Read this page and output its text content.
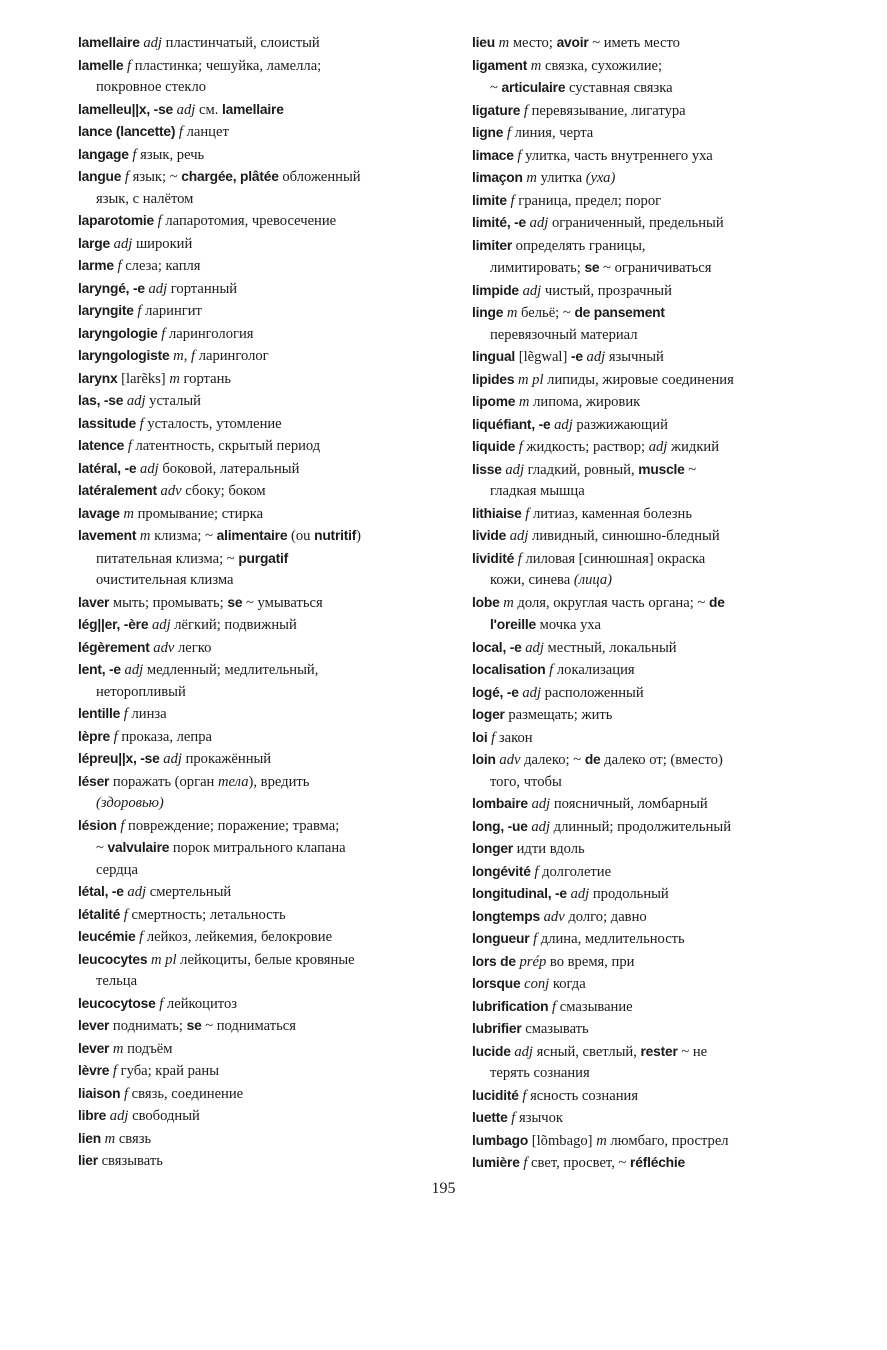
lamellaire adj пластинчатый, слоистый
lamelle f пластинка; чешуйка, ламелла;
покровное стекло
lamelleu||x, -se adj см. lamellaire
lance (lancette) f ланцет
langage f язык, речь
langue f язык; ~ chargée, plâtée обложенный
язык, с налётом
laparotomie f лапаротомия, чревосечение
large adj широкий
larme f слеза; капля
laryngé, -e adj гортанный
laryngite f ларингит
laryngologie f ларингология
laryngologiste m, f ларинголог
larynx [larẽks] m гортань
las, -se adj усталый
lassitude f усталость, утомление
latence f латентность, скрытый период
latéral, -e adj боковой, латеральный
latéralement adv сбоку; боком
lavage m промывание; стирка
lavement m клизма; ~ alimentaire (ou nutritif)
питательная клизма; ~ purgatif
очистительная клизма
laver мыть; промывать; se ~ умываться
lég||er, -ère adj лёгкий; подвижный
légèrement adv легко
lent, -e adj медленный; медлительный,
неторопливый
lentille f линза
lèpre f проказа, лепра
lépreu||x, -se adj прокажённый
léser поражать (орган тела), вредить
(здоровью)
lésion f повреждение; поражение; травма;
~ valvulaire порок митрального клапана
сердца
létal, -e adj смертельный
létalité f смертность; летальность
leucémie f лейкоз, лейкемия, белокровие
leucocytes m pl лейкоциты, белые кровяные
тельца
leucocytose f лейкоцитоз
lever поднимать; se ~ подниматься
lever m подъём
lèvre f губа; край раны
liaison f связь, соединение
libre adj свободный
lien m связь
lier связывать
lieu m место; avoir ~ иметь место
ligament m связка, сухожилие;
~ articulaire суставная связка
ligature f перевязывание, лигатура
ligne f линия, черта
limace f улитка, часть внутреннего уха
limaçon m улитка (уха)
limite f граница, предел; порог
limité, -e adj ограниченный, предельный
limiter определять границы,
лимитировать; se ~ ограничиваться
limpide adj чистый, прозрачный
linge m бельё; ~ de pansement
перевязочный материал
lingual [lẽgwal] -e adj язычный
lipides m pl липиды, жировые соединения
lipome m липома, жировик
liquéfiant, -e adj разжижающий
liquide f жидкость; раствор; adj жидкий
lisse adj гладкий, ровный, muscle ~
гладкая мышца
lithiaise f литиаз, каменная болезнь
livide adj ливидный, синюшно-бледный
lividité f лиловая [синюшная] окраска
кожи, синева (лица)
lobe m доля, округлая часть органа; ~ de
l'oreille мочка уха
local, -e adj местный, локальный
localisation f локализация
logé, -e adj расположенный
loger размещать; жить
loi f закон
loin adv далеко; ~ de далеко от; (вместо)
того, чтобы
lombaire adj поясничный, ломбарный
long, -ue adj длинный; продолжительный
longer идти вдоль
longévité f долголетие
longitudinal, -e adj продольный
longtemps adv долго; давно
longueur f длина, медлительность
lors de prép во время, при
lorsque conj когда
lubrification f смазывание
lubrifier смазывать
lucide adj ясный, светлый, rester ~ не
терять сознания
lucidité f ясность сознания
luette f язычок
lumbago [lõmbago] m люмбаго, прострел
lumière f свет, просвет, ~ réfléchie
195
